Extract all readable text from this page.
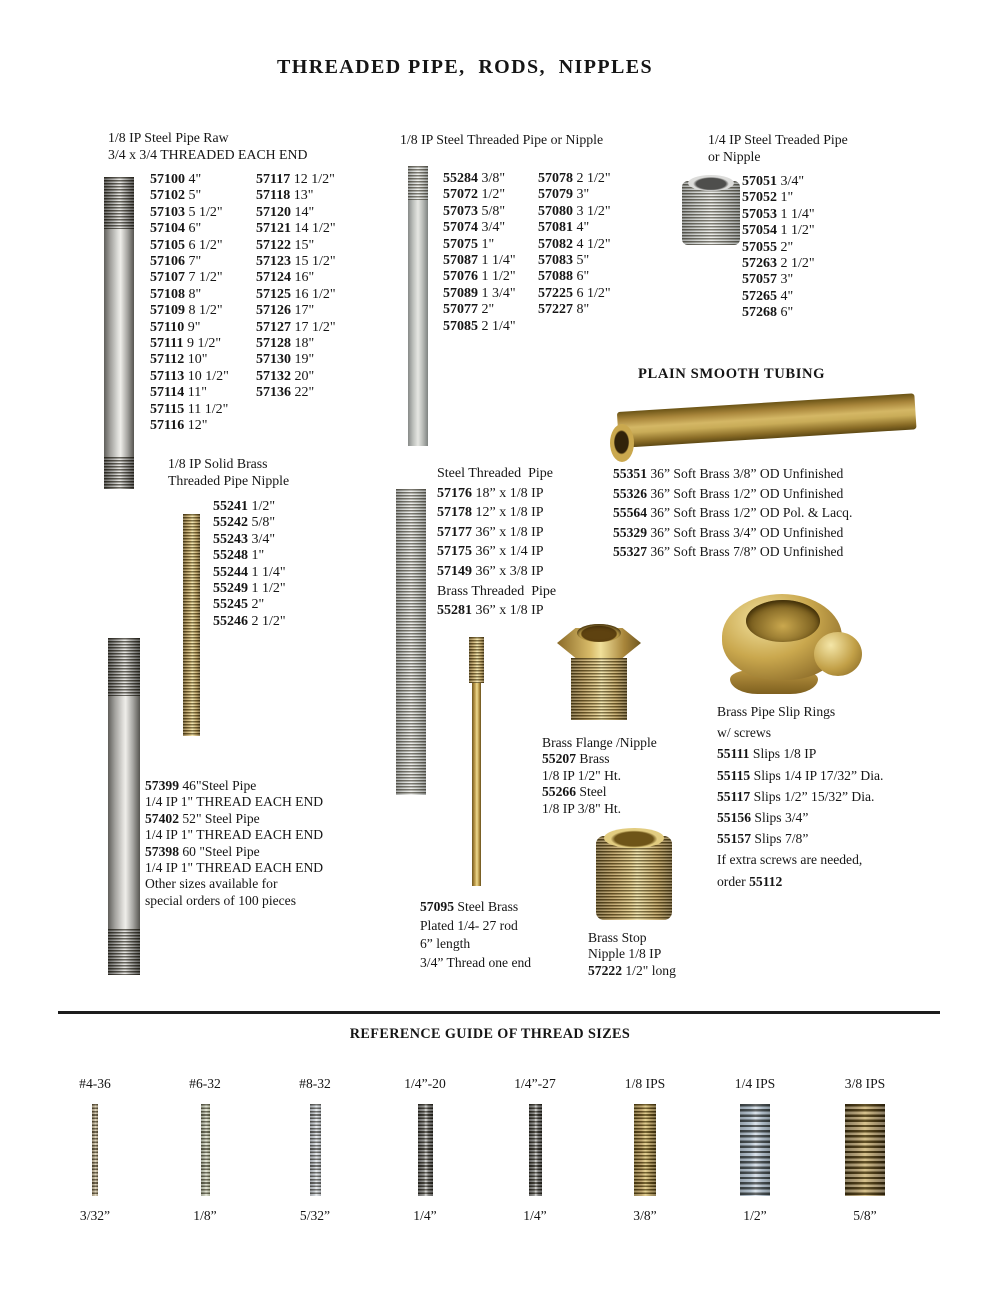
THREADED PIPE,  RODS,  NIPPLES
1/8 IP Steel Pipe Raw
3/4 x 3/4 THREADED EACH END
57100 4"
57102 5"
57103 5 1/2"
57104 6"
57105 6 1/2"
57106 7"
57107 7 1/2"
57108 8"
57109 8 1/2"
57110 9"
57111 9 1/2"
57112 10"
57113 10 1/2"
57114 11"
57115 11 1/2"
57116 12"
57117 12 1/2"
57118 13"
57120 14"
57121 14 1/2"
57122 15"
57123 15 1/2"
57124 16"
57125 16 1/2"
57126 17"
57127 17 1/2"
57128 18"
57130 19"
57132 20"
57136 22"
1/8 IP Solid Brass
Threaded Pipe Nipple
55241 1/2"
55242 5/8"
55243 3/4"
55248 1"
55244 1 1/4"
55249 1 1/2"
55245 2"
55246 2 1/2"
57399 46"Steel Pipe
1/4 IP 1" THREAD EACH END
57402 52" Steel Pipe
1/4 IP 1" THREAD EACH END
57398 60 "Steel Pipe
1/4 IP 1" THREAD EACH END
Other sizes available for
special orders of 100 pieces
1/8 IP Steel Threaded Pipe or Nipple
55284 3/8"
57072 1/2"
57073 5/8"
57074 3/4"
57075 1"
57087 1 1/4"
57076 1 1/2"
57089 1 3/4"
57077 2"
57085 2 1/4"
57078 2 1/2"
57079 3"
57080 3 1/2"
57081 4"
57082 4 1/2"
57083 5"
57088 6"
57225 6 1/2"
57227 8"
Steel Threaded  Pipe
57176 18” x 1/8 IP
57178 12” x 1/8 IP
57177 36” x 1/8 IP
57175 36” x 1/4 IP
57149 36” x 3/8 IP
Brass Threaded  Pipe
55281 36” x 1/8 IP
57095 Steel Brass
Plated 1/4- 27 rod
6” length
3/4” Thread one end
Brass Flange /Nipple
55207 Brass
1/8 IP 1/2" Ht.
55266 Steel
1/8 IP 3/8" Ht.
Brass Stop
Nipple 1/8 IP
57222 1/2" long
1/4 IP Steel Treaded Pipe
or Nipple
57051 3/4"
57052 1"
57053 1 1/4"
57054 1 1/2"
57055 2"
57263 2 1/2"
57057 3"
57265 4"
57268 6"
PLAIN SMOOTH TUBING
55351 36” Soft Brass 3/8” OD Unfinished
55326 36” Soft Brass 1/2” OD Unfinished
55564 36” Soft Brass 1/2” OD Pol. & Lacq.
55329 36” Soft Brass 3/4” OD Unfinished
55327 36” Soft Brass 7/8” OD Unfinished
Brass Pipe Slip Rings
w/ screws
55111 Slips 1/8 IP
55115 Slips 1/4 IP 17/32” Dia.
55117 Slips 1/2” 15/32” Dia.
55156 Slips 3/4”
55157 Slips 7/8”
If extra screws are needed,
order 55112
REFERENCE GUIDE OF THREAD SIZES
#4-36
3/32”
#6-32
1/8”
#8-32
5/32”
1/4”-20
1/4”
1/4”-27
1/4”
1/8 IPS
3/8”
1/4 IPS
1/2”
3/8 IPS
5/8”
